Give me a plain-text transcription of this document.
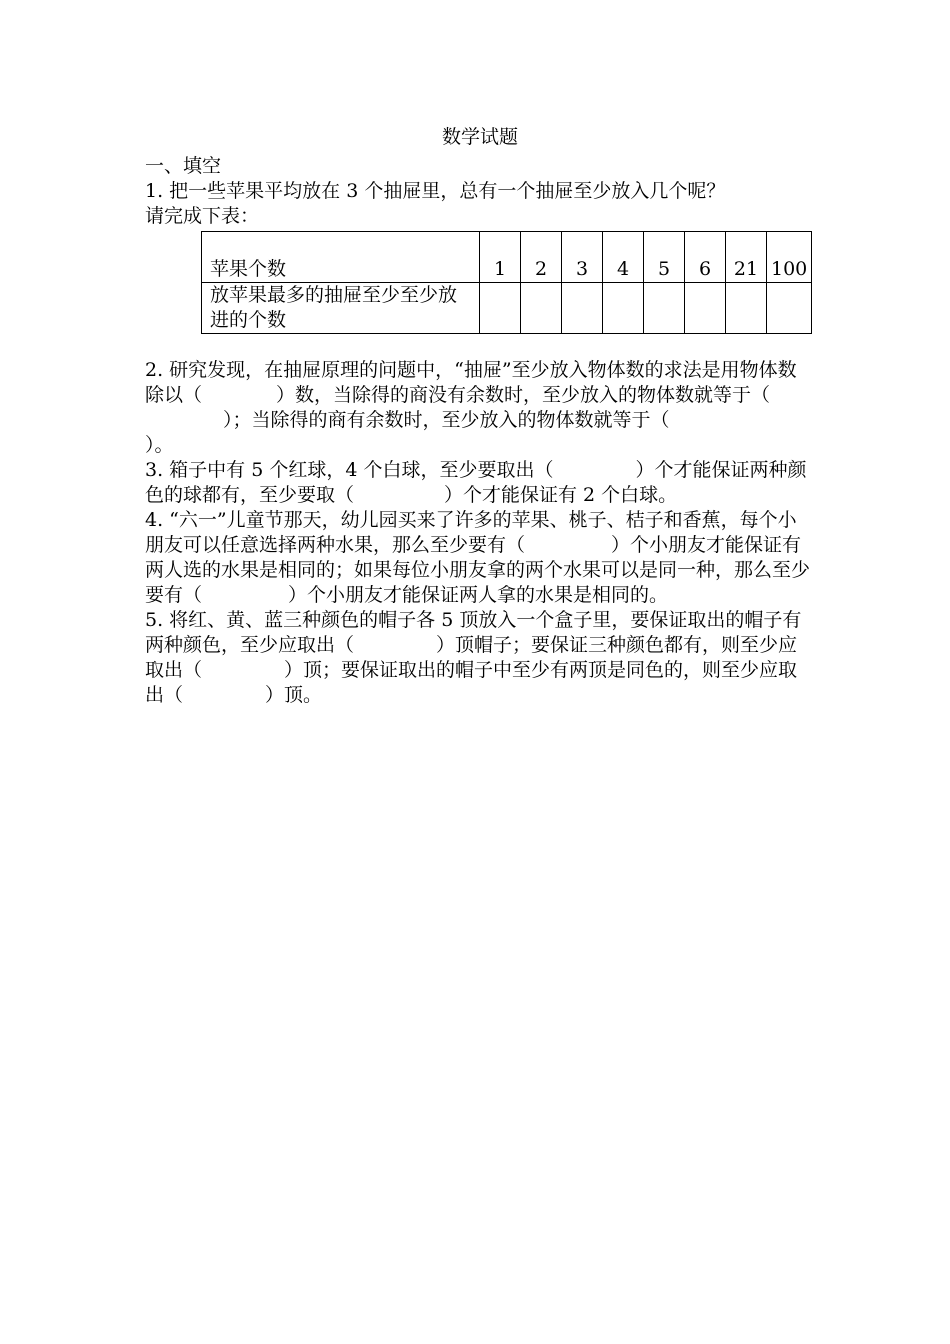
数学试题

一、填空

1. 把一些苹果平均放在 3 个抽屉里，总有一个抽屉至少放入几个呢？
请完成下表：

苹果个数	1	2	3	4	5	6	21	100
放苹果最多的抽屉至少至少放进的个数								

2. 研究发现，在抽屉原理的问题中，“抽屉”至少放入物体数的求法是用物体数除以（	）数，当除得的商没有余数时，至少放入的物体数就等于（）；当除得的商有余数时，至少放入的物体数就等于（）。

3. 箱子中有 5 个红球，4 个白球，至少要取出（	）个才能保证两种颜色的球都有，至少要取（	）个才能保证有 2 个白球。

4. “六一”儿童节那天，幼儿园买来了许多的苹果、桃子、桔子和香蕉，每个小朋友可以任意选择两种水果，那么至少要有（	）个小朋友才能保证有两人选的水果是相同的；如果每位小朋友拿的两个水果可以是同一种，那么至少要有（	）个小朋友才能保证两人拿的水果是相同的。

5. 将红、黄、蓝三种颜色的帽子各 5 顶放入一个盒子里，要保证取出的帽子有两种颜色，至少应取出（	）顶帽子；要保证三种颜色都有，则至少应取出（	）顶；要保证取出的帽子中至少有两顶是同色的，则至少应取出（	）顶。
